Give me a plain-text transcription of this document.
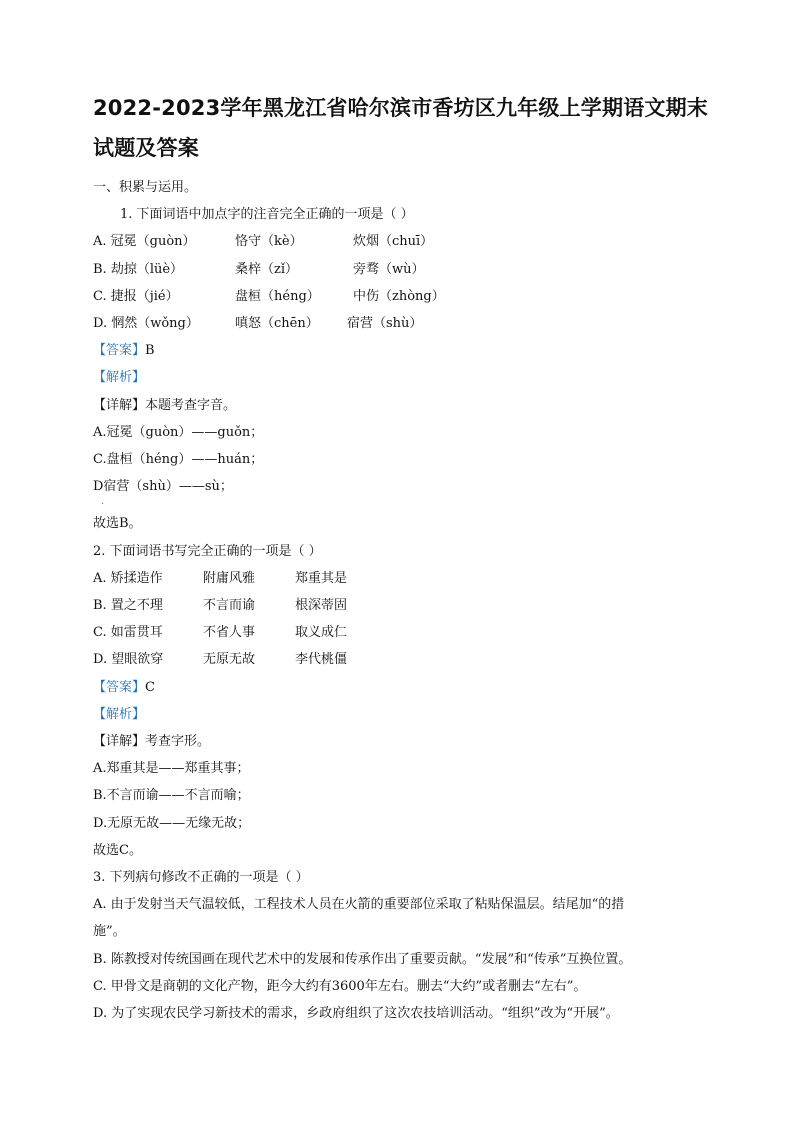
2022-2023学年黑龙江省哈尔滨市香坊区九年级上学期语文期末
试题及答案
一、积累与运用。
1. 下面词语中加点字的注音完全正确的一项是（ ）
A. 冠冕（guòn）	恪守（kè）	炊烟（chuī）
B. 劫掠（lüè）	桑梓（zǐ）	旁骛（wù）
C. 捷报（jié）	盘桓（héng）	中伤（zhòng）
D. 惘然（wǒng）	嗔怒（chēn）	宿营（shù）
【答案】B
【解析】
【详解】本题考查字音。
A.冠冕（guòn）——guǒn；
C.盘桓（héng）——huán；
D宿营（shù）——sù；
·
故选B。
2. 下面词语书写完全正确的一项是（ ）
A. 矫揉造作	附庸风雅	郑重其是
B. 置之不理	不言而谕	根深蒂固
C. 如雷贯耳	不省人事	取义成仁
D. 望眼欲穿	无原无故	李代桃僵
【答案】C
【解析】
【详解】考查字形。
A.郑重其是——郑重其事；
B.不言而谕——不言而喻；
D.无原无故——无缘无故；
故选C。
3. 下列病句修改不正确的一项是（ ）
A. 由于发射当天气温较低，工程技术人员在火箭的重要部位采取了粘贴保温层。结尾加“的措
施”。
B. 陈教授对传统国画在现代艺术中的发展和传承作出了重要贡献。“发展”和“传承”互换位置。
C. 甲骨文是商朝的文化产物，距今大约有3600年左右。删去“大约”或者删去“左右”。
D. 为了实现农民学习新技术的需求，乡政府组织了这次农技培训活动。“组织”改为“开展”。
